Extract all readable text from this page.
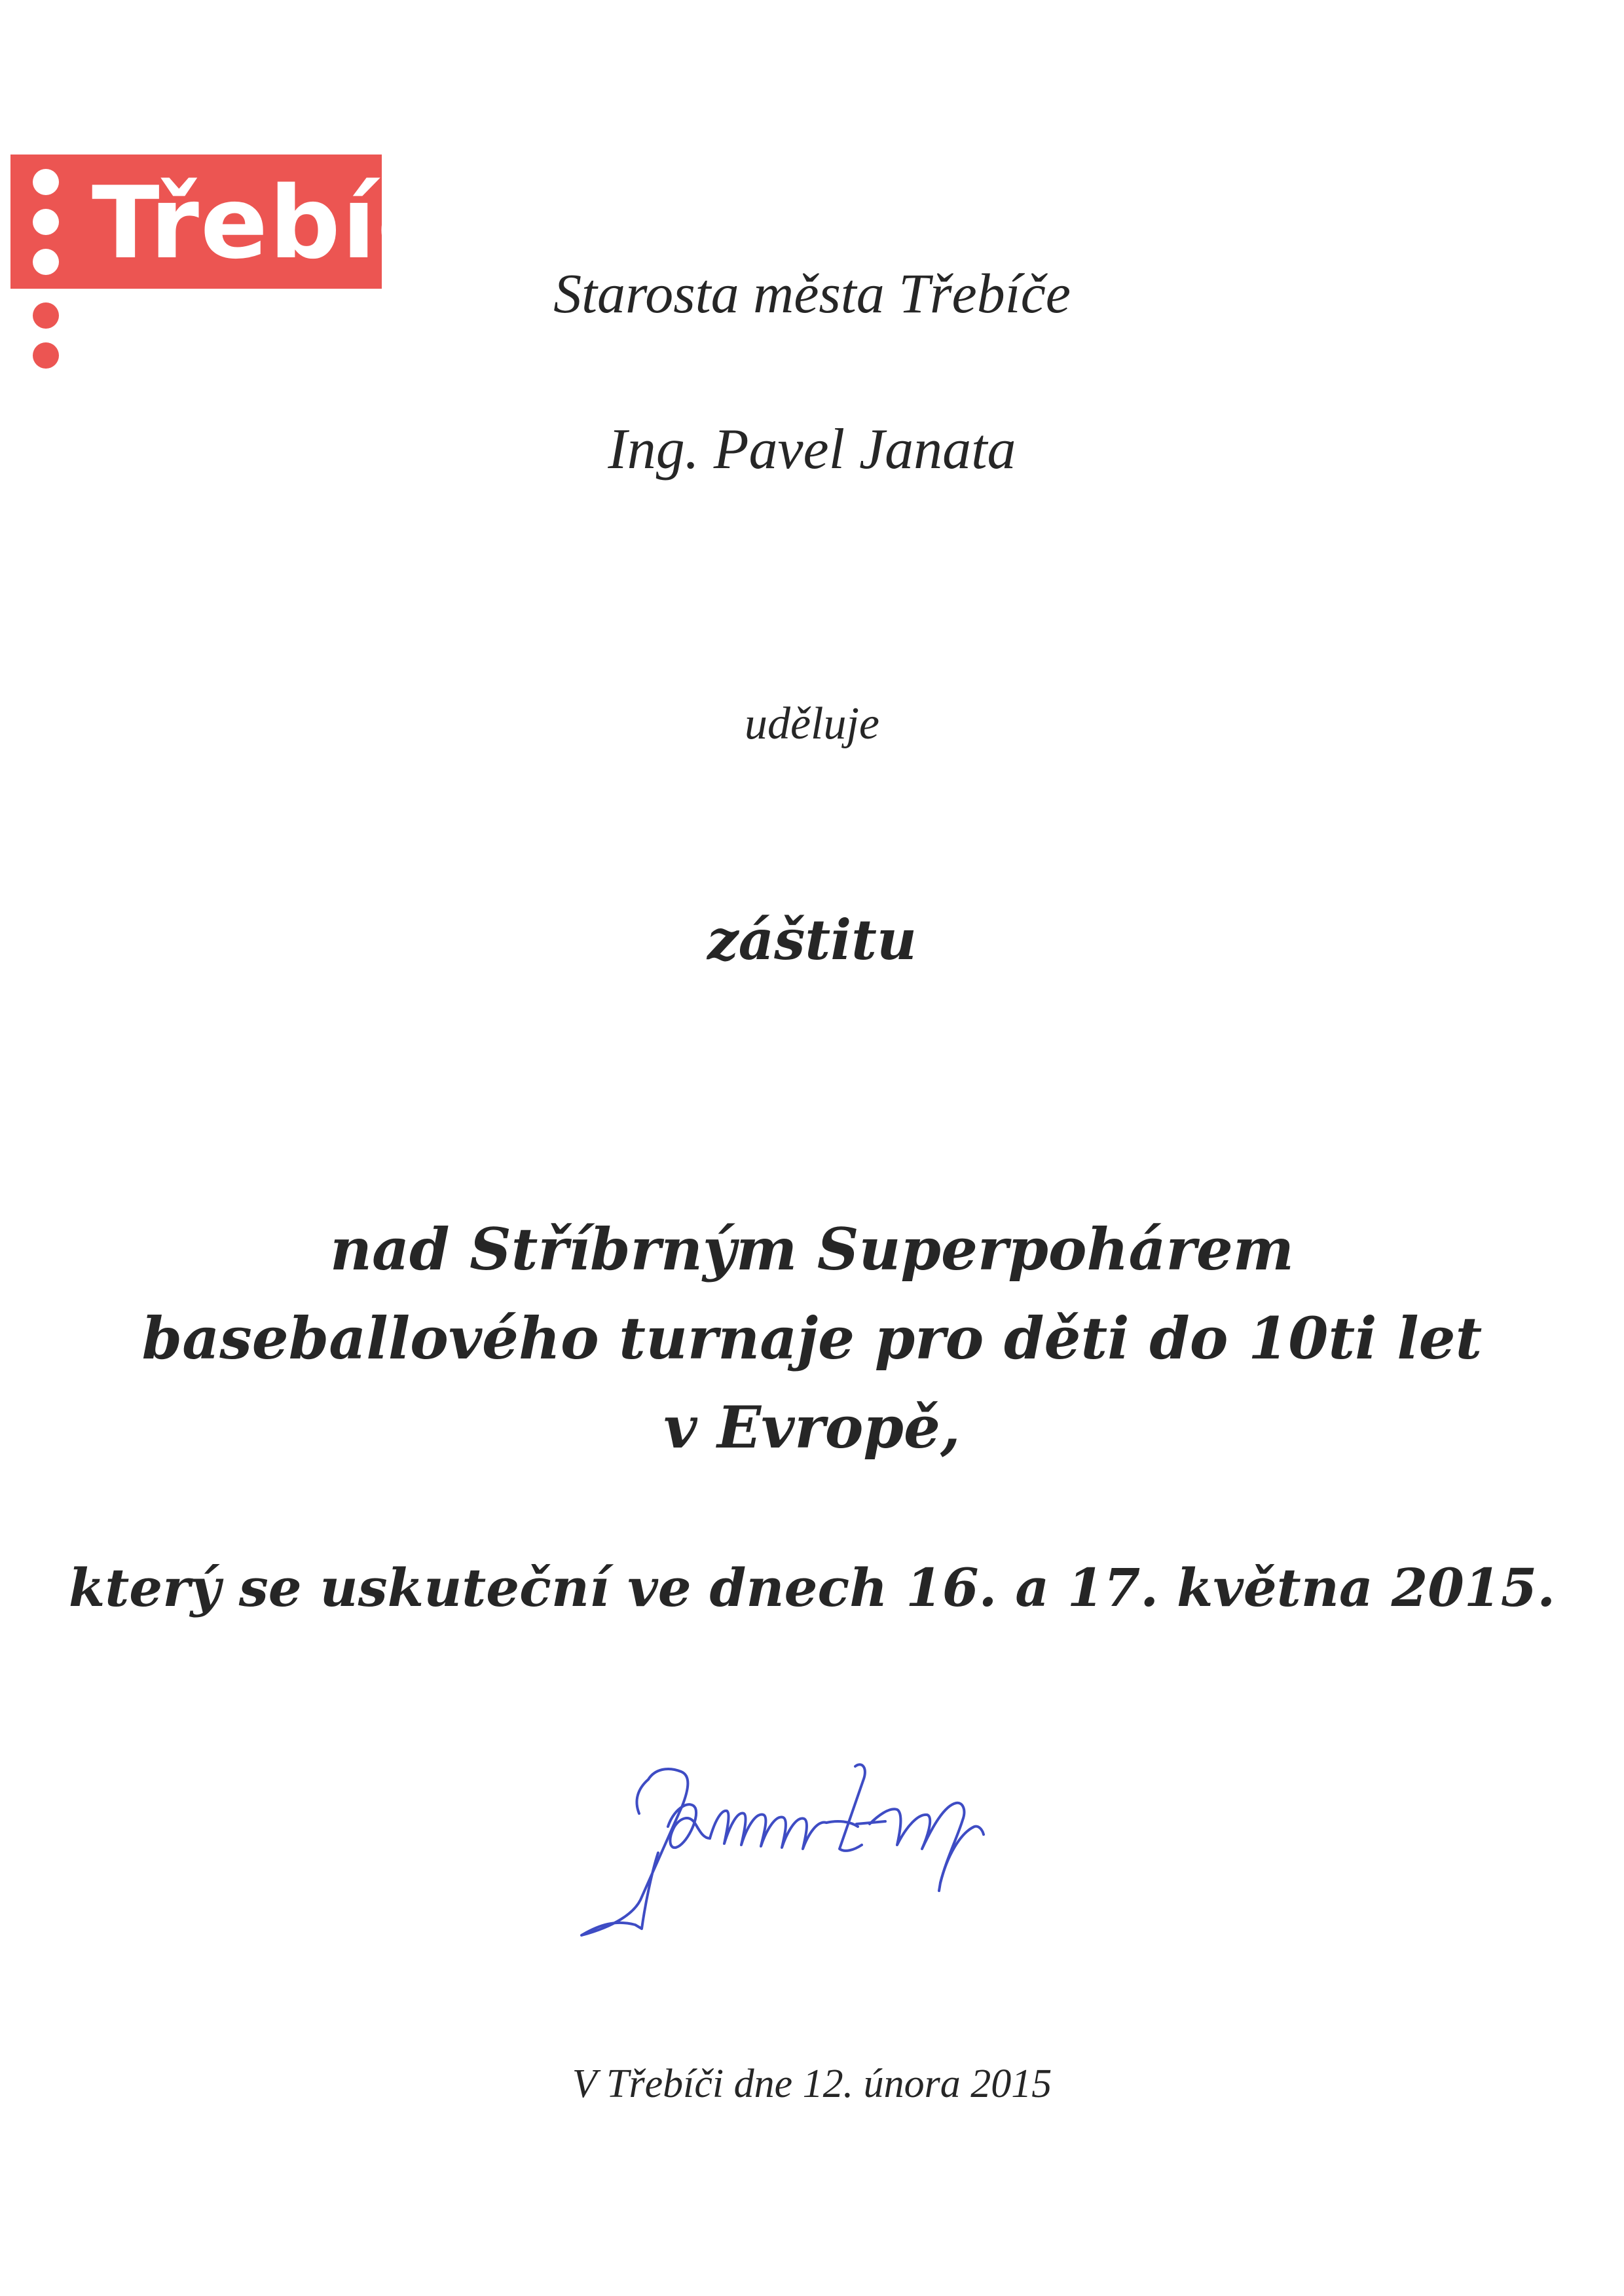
Třebíč
Starosta města Třebíče
Ing. Pavel Janata
uděluje
záštitu
nad Stříbrným Superpohárem
baseballového turnaje pro děti do 10ti let
v Evropě,
který se uskuteční ve dnech 16. a 17. května 2015.
V Třebíči dne 12. února 2015
